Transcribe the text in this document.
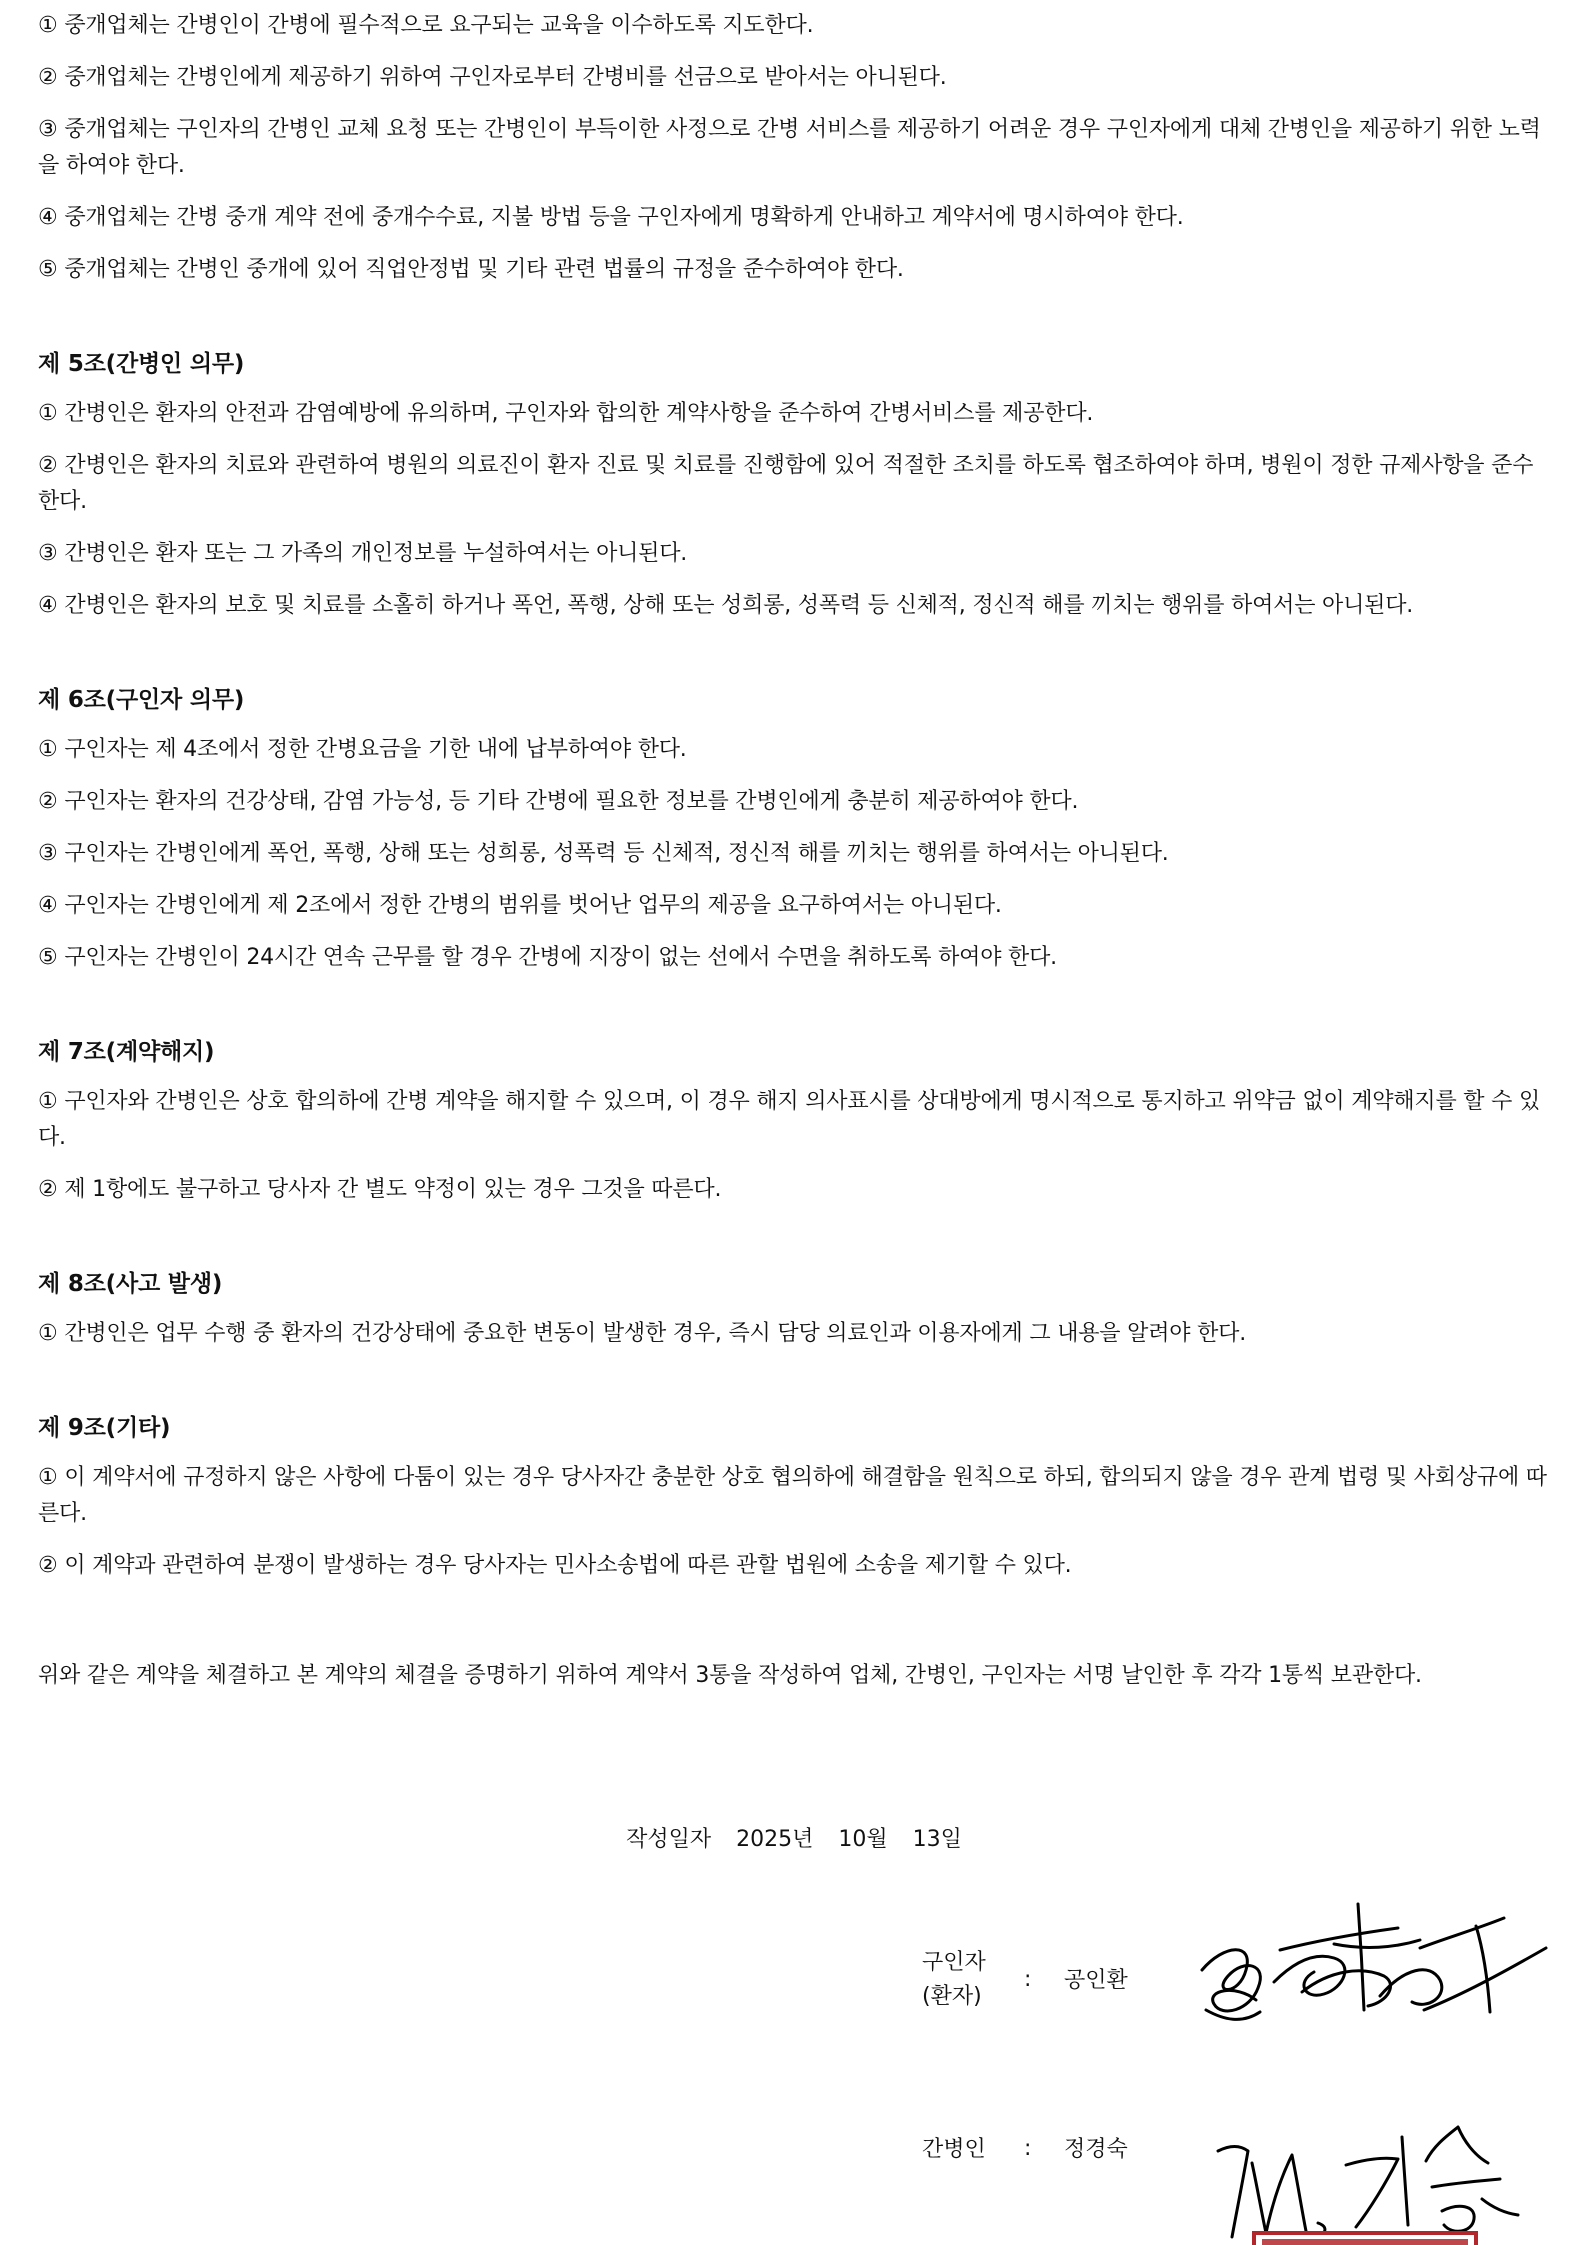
① 중개업체는 간병인이 간병에 필수적으로 요구되는 교육을 이수하도록 지도한다.

② 중개업체는 간병인에게 제공하기 위하여 구인자로부터 간병비를 선금으로 받아서는 아니된다.

③ 중개업체는 구인자의 간병인 교체 요청 또는 간병인이 부득이한 사정으로 간병 서비스를 제공하기 어려운 경우 구인자에게 대체 간병인을 제공하기 위한 노력을 하여야 한다.

④ 중개업체는 간병 중개 계약 전에 중개수수료, 지불 방법 등을 구인자에게 명확하게 안내하고 계약서에 명시하여야 한다.

⑤ 중개업체는 간병인 중개에 있어 직업안정법 및 기타 관련 법률의 규정을 준수하여야 한다.

제 5조(간병인 의무)

① 간병인은 환자의 안전과 감염예방에 유의하며, 구인자와 합의한 계약사항을 준수하여 간병서비스를 제공한다.

② 간병인은 환자의 치료와 관련하여 병원의 의료진이 환자 진료 및 치료를 진행함에 있어 적절한 조치를 하도록 협조하여야 하며, 병원이 정한 규제사항을 준수한다.

③ 간병인은 환자 또는 그 가족의 개인정보를 누설하여서는 아니된다.

④ 간병인은 환자의 보호 및 치료를 소홀히 하거나 폭언, 폭행, 상해 또는 성희롱, 성폭력 등 신체적, 정신적 해를 끼치는 행위를 하여서는 아니된다.

제 6조(구인자 의무)

① 구인자는 제 4조에서 정한 간병요금을 기한 내에 납부하여야 한다.

② 구인자는 환자의 건강상태, 감염 가능성, 등 기타 간병에 필요한 정보를 간병인에게 충분히 제공하여야 한다.

③ 구인자는 간병인에게 폭언, 폭행, 상해 또는 성희롱, 성폭력 등 신체적, 정신적 해를 끼치는 행위를 하여서는 아니된다.

④ 구인자는 간병인에게 제 2조에서 정한 간병의 범위를 벗어난 업무의 제공을 요구하여서는 아니된다.

⑤ 구인자는 간병인이 24시간 연속 근무를 할 경우 간병에 지장이 없는 선에서 수면을 취하도록 하여야 한다.

제 7조(계약해지)

① 구인자와 간병인은 상호 합의하에 간병 계약을 해지할 수 있으며, 이 경우 해지 의사표시를 상대방에게 명시적으로 통지하고 위약금 없이 계약해지를 할 수 있다.

② 제 1항에도 불구하고 당사자 간 별도 약정이 있는 경우 그것을 따른다.

제 8조(사고 발생)

① 간병인은 업무 수행 중 환자의 건강상태에 중요한 변동이 발생한 경우, 즉시 담당 의료인과 이용자에게 그 내용을 알려야 한다.

제 9조(기타)

① 이 계약서에 규정하지 않은 사항에 다툼이 있는 경우 당사자간 충분한 상호 협의하에 해결함을 원칙으로 하되, 합의되지 않을 경우 관계 법령 및 사회상규에 따른다.

② 이 계약과 관련하여 분쟁이 발생하는 경우 당사자는 민사소송법에 따른 관할 법원에 소송을 제기할 수 있다.

위와 같은 계약을 체결하고 본 계약의 체결을 증명하기 위하여 계약서 3통을 작성하여 업체, 간병인, 구인자는 서명 날인한 후 각각 1통씩 보관한다.

작성일자 2025년 10월 13일
구인자
(환자)
: 공인환
간병인 : 정경숙
